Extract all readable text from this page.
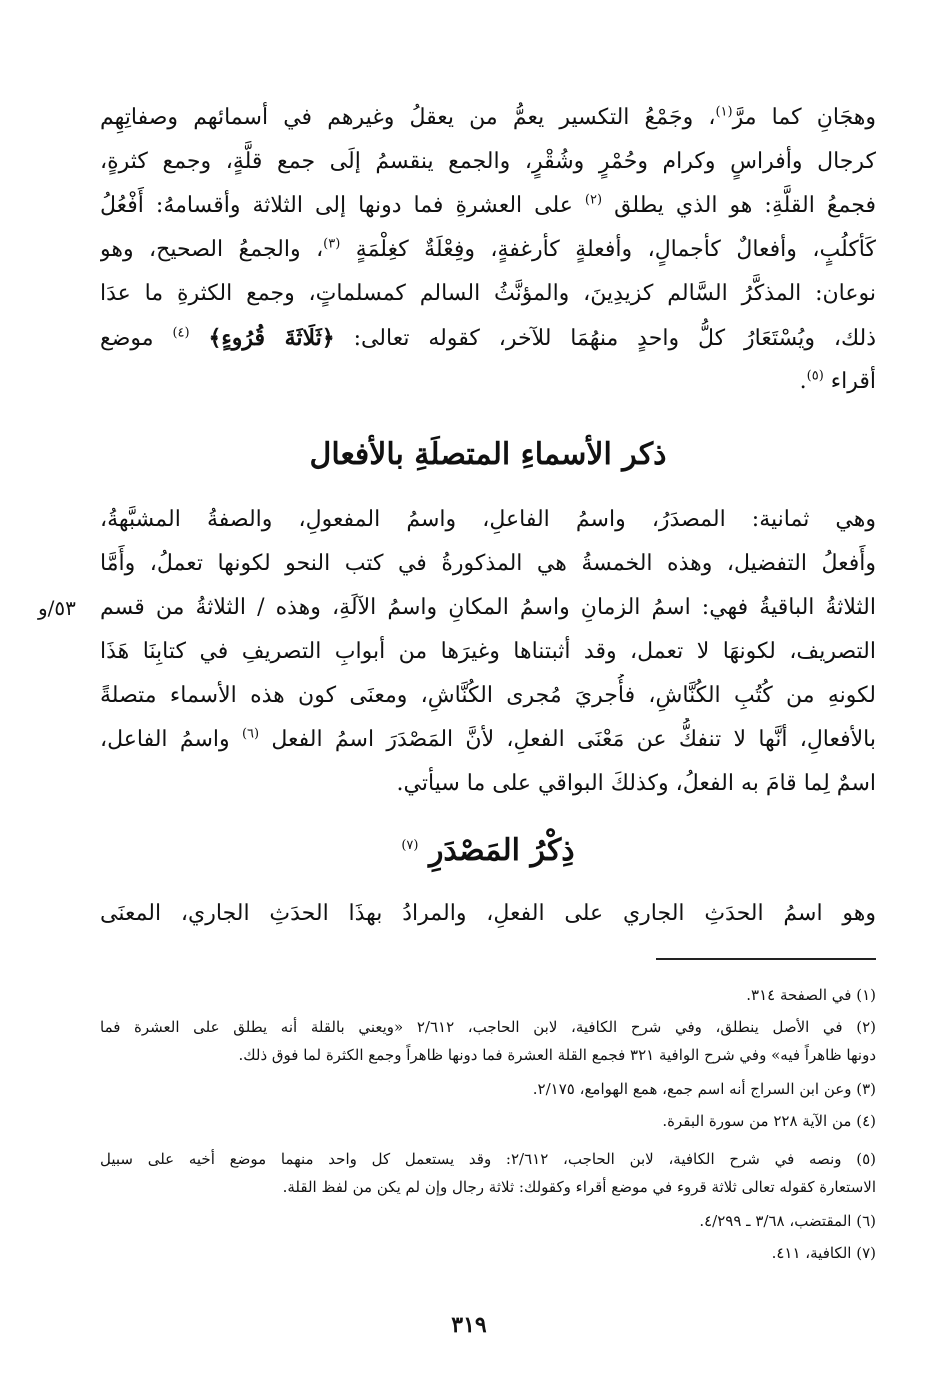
وهجَانِ كما مرَّ$^{(١)}$، وجَمْعُ التكسير يعمُّ من يعقلُ وغيرهم في أسمائهم وصفاتِهِم
كرجال وأفراسٍ وكرام وحُمْرٍ وشُقْرٍ، والجمع ينقسمُ إلَى جمع قلَّةٍ، وجمع كثرةٍ،
فجمعُ القلَّةِ: هو الذي يطلق $^{(٢)}$ على العشرةِ فما دونها إلى الثلاثة وأقسامهُ: أَفْعُلُ
كَأكلُبٍ، وأفعالٌ كأجمالٍ، وأفعلةٍ كأرغفةٍ، وفِعْلَةٌ كغِلْمَةٍ $^{(٣)}$، والجمعُ الصحيح، وهو
نوعان: المذكَّرُ السَّالم كزيدِينَ، والمؤنَّثُ السالم كمسلماتٍ، وجمع الكثرةِ ما عدَا
ذلك، ويُسْتَعَارُ كلُّ واحدٍ منهُمَا للآخر، كقوله تعالى: ﴿ثَلَاثَةَ قُرُوءٍ﴾ $^{(٤)}$ موضع
أقراء $^{(٥)}$.
ذكر الأسماءِ المتصلَةِ بالأفعال
وهي ثمانية: المصدَرُ، واسمُ الفاعلِ، واسمُ المفعولِ، والصفةُ المشبَّهةُ،
وأَفعلُ التفضيل، وهذه الخمسةُ هي المذكورةُ في كتب النحو لكونها تعملُ، وأَمَّا
الثلاثةُ الباقيةُ فهي: اسمُ الزمانِ واسمُ المكانِ واسمُ الآلَةِ، وهذه / الثلاثةُ من قسم
التصريف، لكونهَا لا تعمل، وقد أثبتناها وغيرَها من أبوابِ التصريفِ في كتابِنَا هَذَا
لكونهِ من كُتُبِ الكُنَّاشِ، فأُجريَ مُجرى الكُنَّاشِ، ومعنَى كون هذه الأسماء متصلةً
بالأفعالِ، أنَّها لا تنفكُّ عن مَعْنَى الفعلِ، لأنَّ المَصْدَرَ اسمُ الفعل $^{(٦)}$ واسمُ الفاعل،
اسمٌ لِما قامَ به الفعلُ، وكذلكَ البواقي على ما سيأتي.
٥٣/و
ذِكْرُ المَصْدَرِ $^{(٧)}$
وهو اسمُ الحدَثِ الجاري على الفعلِ، والمرادُ بهذَا الحدَثِ الجاري، المعنَى
(١) في الصفحة ٣١٤.
(٢) في الأصل ينطلق، وفي شرح الكافية، لابن الحاجب، ٢/٦١٢ «ويعني بالقلة أنه يطلق على العشرة فما
دونها ظاهراً فيه» وفي شرح الوافية ٣٢١ فجمع القلة العشرة فما دونها ظاهراً وجمع الكثرة لما فوق ذلك.
(٣) وعن ابن السراج أنه اسم جمع، همع الهوامع، ٢/١٧٥.
(٤) من الآية ٢٢٨ من سورة البقرة.
(٥) ونصه في شرح الكافية، لابن الحاجب، ٢/٦١٢: وقد يستعمل كل واحد منهما موضع أخيه على سبيل
الاستعارة كقوله تعالى ثلاثة قروء في موضع أقراء وكقولك: ثلاثة رجال وإن لم يكن من لفظ القلة.
(٦) المقتضب، ٣/٦٨ ـ ٤/٢٩٩.
(٧) الكافية، ٤١١.
٣١٩
